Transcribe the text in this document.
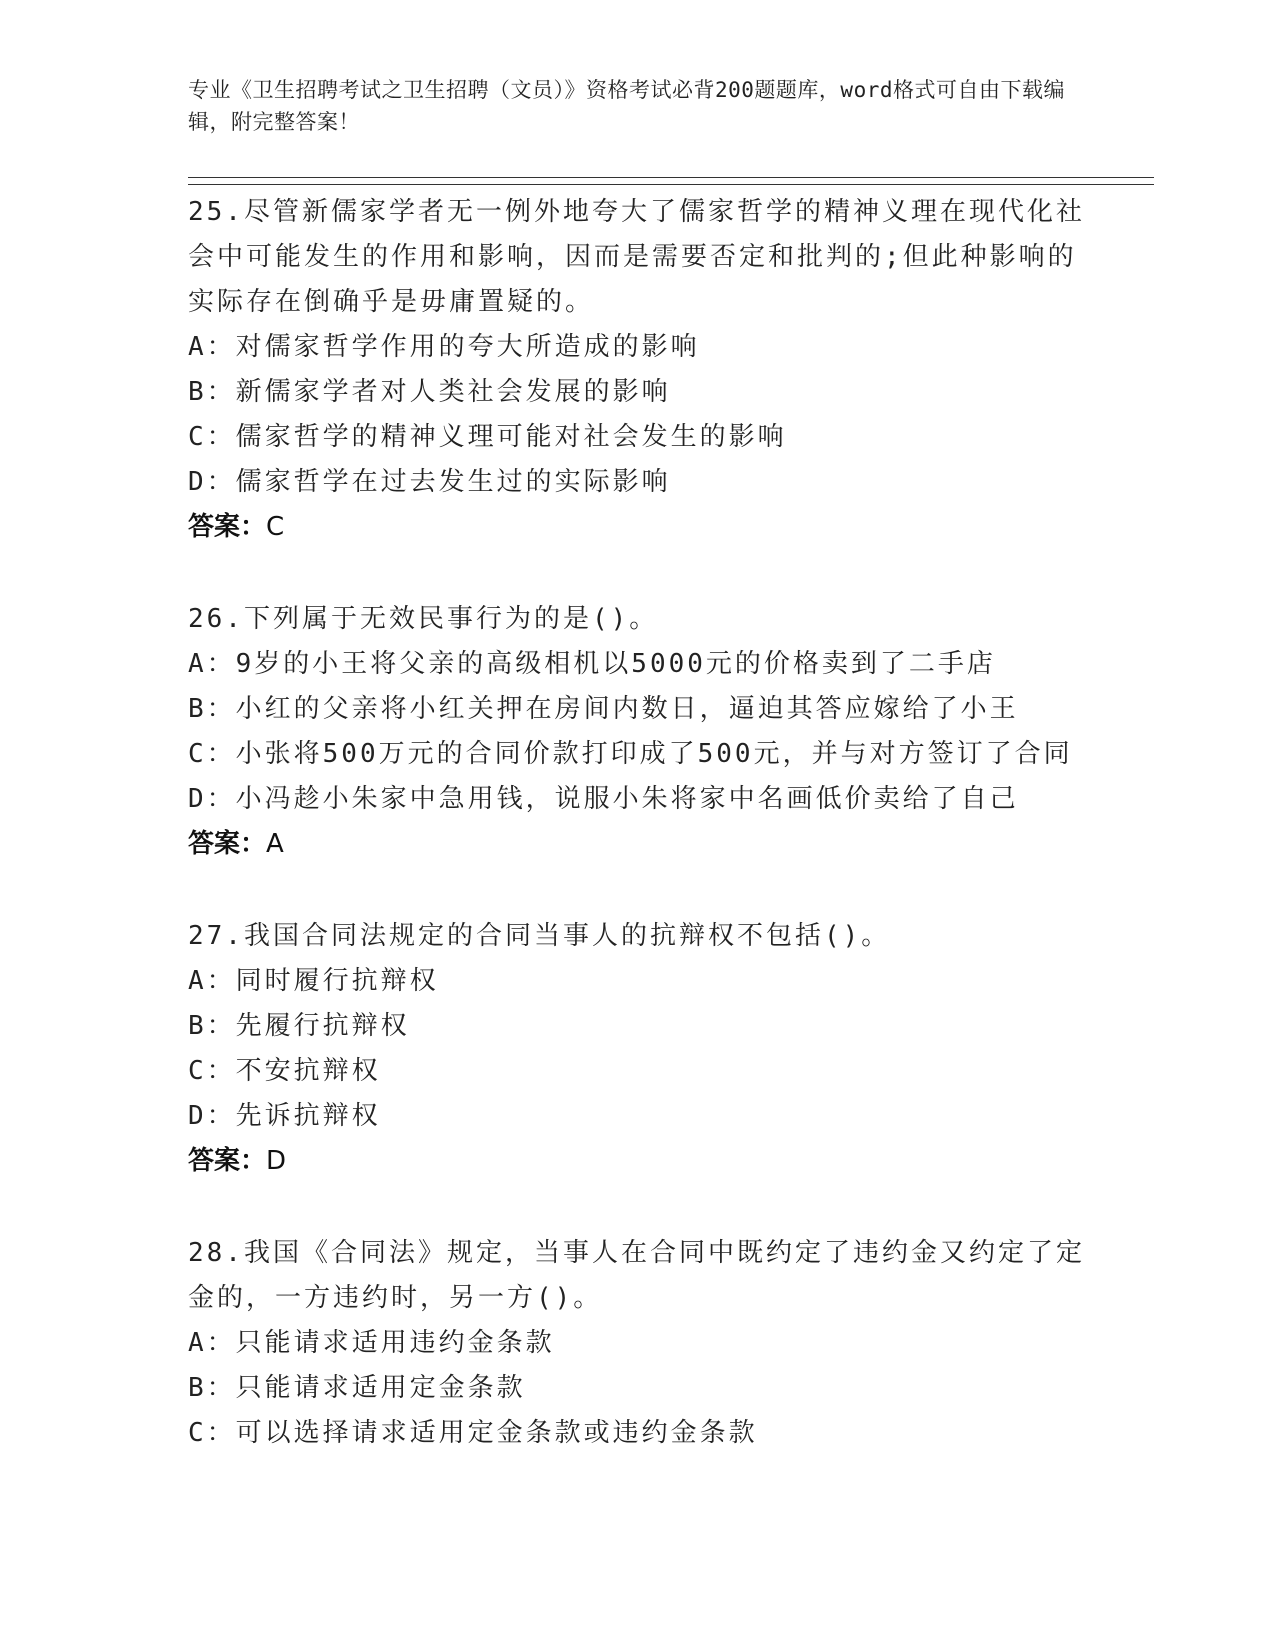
专业《卫生招聘考试之卫生招聘（文员）》资格考试必背200题题库，word格式可自由下载编辑，附完整答案！

25.尽管新儒家学者无一例外地夸大了儒家哲学的精神义理在现代化社会中可能发生的作用和影响，因而是需要否定和批判的;但此种影响的实际存在倒确乎是毋庸置疑的。

A：对儒家哲学作用的夸大所造成的影响

B：新儒家学者对人类社会发展的影响

C：儒家哲学的精神义理可能对社会发生的影响

D：儒家哲学在过去发生过的实际影响

答案：C

26.下列属于无效民事行为的是()。

A：9岁的小王将父亲的高级相机以5000元的价格卖到了二手店

B：小红的父亲将小红关押在房间内数日，逼迫其答应嫁给了小王

C：小张将500万元的合同价款打印成了500元，并与对方签订了合同

D：小冯趁小朱家中急用钱，说服小朱将家中名画低价卖给了自己

答案：A

27.我国合同法规定的合同当事人的抗辩权不包括()。

A：同时履行抗辩权

B：先履行抗辩权

C：不安抗辩权

D：先诉抗辩权

答案：D

28.我国《合同法》规定，当事人在合同中既约定了违约金又约定了定金的，一方违约时，另一方()。

A：只能请求适用违约金条款

B：只能请求适用定金条款

C：可以选择请求适用定金条款或违约金条款
